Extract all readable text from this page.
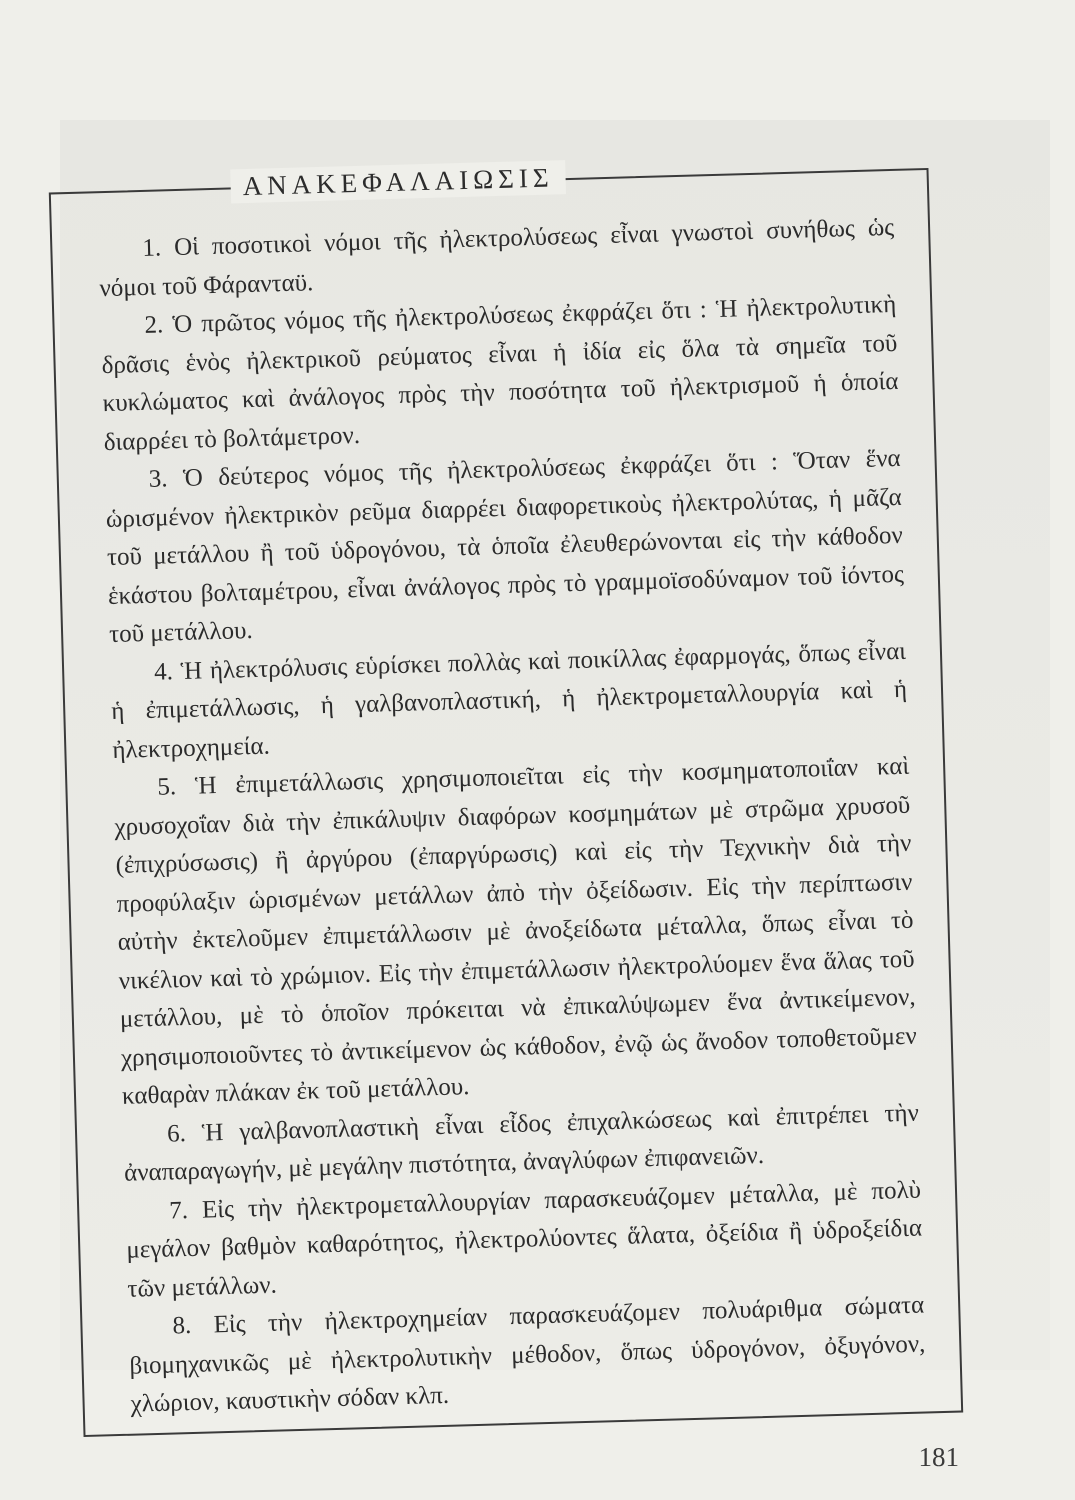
ΑΝΑΚΕΦΑΛΑΙΩΣΙΣ

1. Οἱ ποσοτικοὶ νόμοι τῆς ἠλεκτρολύσεως εἶναι γνωστοὶ συνήθως ὡς νόμοι τοῦ Φάρανταϋ.

2. Ὁ πρῶτος νόμος τῆς ἠλεκτρολύσεως ἐκφράζει ὅτι : Ἡ ἠλεκτρολυτικὴ δρᾶσις ἑνὸς ἠλεκτρικοῦ ρεύματος εἶναι ἡ ἰδία εἰς ὅλα τὰ σημεῖα τοῦ κυκλώματος καὶ ἀνάλογος πρὸς τὴν ποσότητα τοῦ ἠλεκτρισμοῦ ἡ ὁποία διαρρέει τὸ βολτάμετρον.

3. Ὁ δεύτερος νόμος τῆς ἠλεκτρολύσεως ἐκφράζει ὅτι : Ὅταν ἕνα ὡρισμένον ἠλεκτρικὸν ρεῦμα διαρρέει διαφορετικοὺς ἠλεκτρολύτας, ἡ μᾶζα τοῦ μετάλλου ἢ τοῦ ὑδρογόνου, τὰ ὁποῖα ἐλευθερώνονται εἰς τὴν κάθοδον ἑκάστου βολταμέτρου, εἶναι ἀνάλογος πρὸς τὸ γραμμοϊσοδύναμον τοῦ ἰόντος τοῦ μετάλλου.

4. Ἡ ἠλεκτρόλυσις εὑρίσκει πολλὰς καὶ ποικίλλας ἐφαρμογάς, ὅπως εἶναι ἡ ἐπιμετάλλωσις, ἡ γαλβανοπλαστική, ἡ ἠλεκτρομεταλλουργία καὶ ἡ ἠλεκτροχημεία.

5. Ἡ ἐπιμετάλλωσις χρησιμοποιεῖται εἰς τὴν κοσμηματοποιΐαν καὶ χρυσοχοΐαν διὰ τὴν ἐπικάλυψιν διαφόρων κοσμημάτων μὲ στρῶμα χρυσοῦ (ἐπιχρύσωσις) ἢ ἀργύρου (ἐπαργύρωσις) καὶ εἰς τὴν Τεχνικὴν διὰ τὴν προφύλαξιν ὡρισμένων μετάλλων ἀπὸ τὴν ὀξείδωσιν. Εἰς τὴν περίπτωσιν αὐτὴν ἐκτελοῦμεν ἐπιμετάλλωσιν μὲ ἀνοξείδωτα μέταλλα, ὅπως εἶναι τὸ νικέλιον καὶ τὸ χρώμιον. Εἰς τὴν ἐπιμετάλλωσιν ἠλεκτρολύομεν ἕνα ἅλας τοῦ μετάλλου, μὲ τὸ ὁποῖον πρόκειται νὰ ἐπικαλύψωμεν ἕνα ἀντικείμενον, χρησιμοποιοῦντες τὸ ἀντικείμενον ὡς κάθοδον, ἐνῷ ὡς ἄνοδον τοποθετοῦμεν καθαρὰν πλάκαν ἐκ τοῦ μετάλλου.

6. Ἡ γαλβανοπλαστικὴ εἶναι εἶδος ἐπιχαλκώσεως καὶ ἐπιτρέπει τὴν ἀναπαραγωγήν, μὲ μεγάλην πιστότητα, ἀναγλύφων ἐπιφανειῶν.

7. Εἰς τὴν ἠλεκτρομεταλλουργίαν παρασκευάζομεν μέταλλα, μὲ πολὺ μεγάλον βαθμὸν καθαρότητος, ἠλεκτρολύοντες ἅλατα, ὀξείδια ἢ ὑδροξείδια τῶν μετάλλων.

8. Εἰς τὴν ἠλεκτροχημείαν παρασκευάζομεν πολυάριθμα σώματα βιομηχανικῶς μὲ ἠλεκτρολυτικὴν μέθοδον, ὅπως ὑδρογόνον, ὀξυγόνον, χλώριον, καυστικὴν σόδαν κλπ.

181
